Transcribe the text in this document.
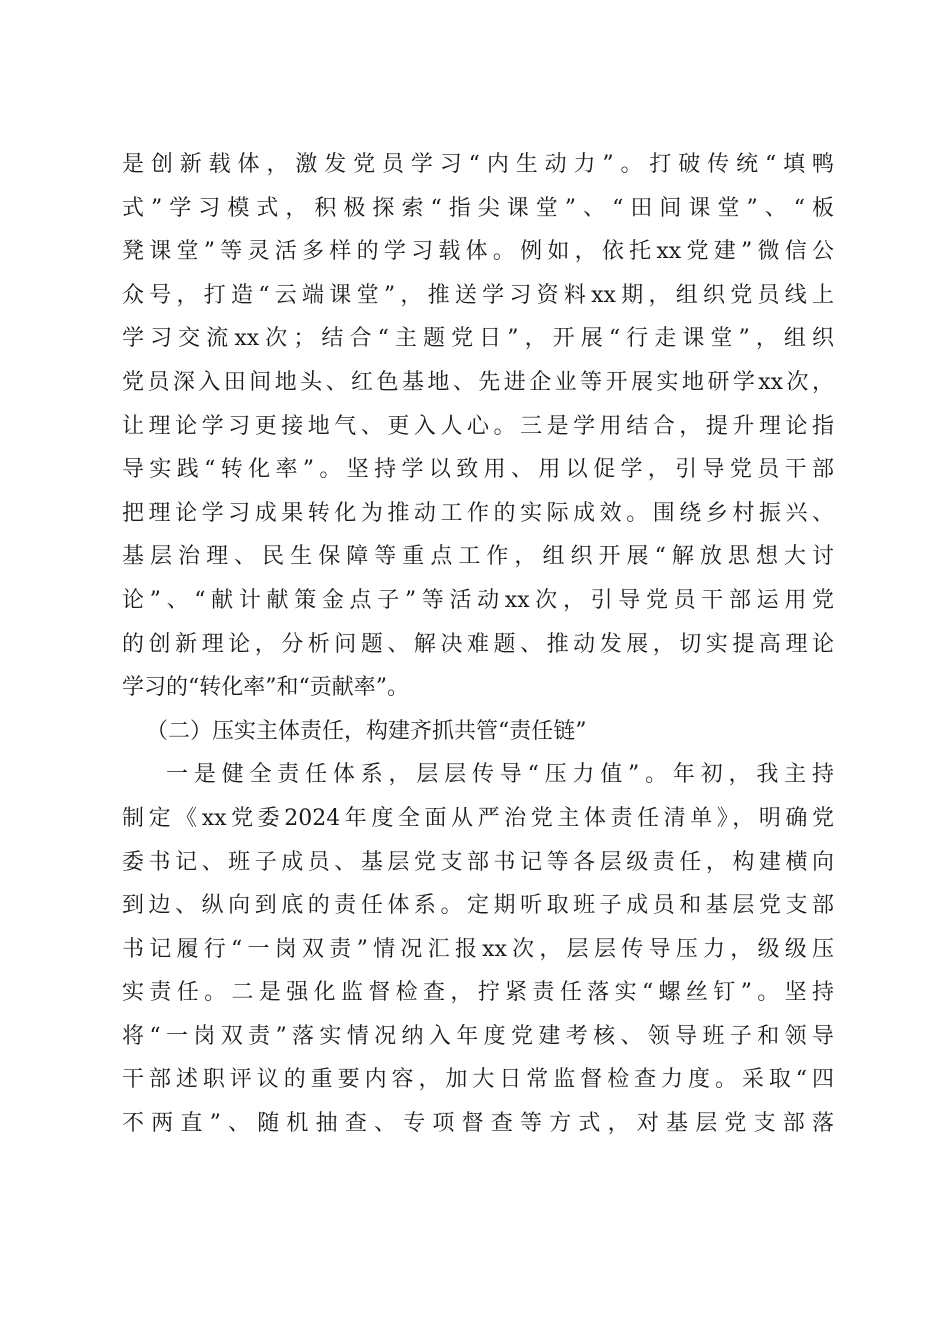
是创新载体，激发党员学习“内生动力”。打破传统“填鸭
式”学习模式，积极探索“指尖课堂”、“田间课堂”、“板
凳课堂”等灵活多样的学习载体。例如，依托xx党建”微信公
众号，打造“云端课堂”，推送学习资料xx期，组织党员线上
学习交流xx次；结合“主题党日”，开展“行走课堂”，组织
党员深入田间地头、红色基地、先进企业等开展实地研学xx次，
让理论学习更接地气、更入人心。三是学用结合，提升理论指
导实践“转化率”。坚持学以致用、用以促学，引导党员干部
把理论学习成果转化为推动工作的实际成效。围绕乡村振兴、
基层治理、民生保障等重点工作，组织开展“解放思想大讨
论”、“献计献策金点子”等活动xx次，引导党员干部运用党
的创新理论，分析问题、解决难题、推动发展，切实提高理论
学习的“转化率”和“贡献率”。
（二）压实主体责任，构建齐抓共管“责任链”
一是健全责任体系，层层传导“压力值”。年初，我主持
制定《xx党委2024年度全面从严治党主体责任清单》，明确党
委书记、班子成员、基层党支部书记等各层级责任，构建横向
到边、纵向到底的责任体系。定期听取班子成员和基层党支部
书记履行“一岗双责”情况汇报xx次，层层传导压力，级级压
实责任。二是强化监督检查，拧紧责任落实“螺丝钉”。坚持
将“一岗双责”落实情况纳入年度党建考核、领导班子和领导
干部述职评议的重要内容，加大日常监督检查力度。采取“四
不两直”、随机抽查、专项督查等方式，对基层党支部落
